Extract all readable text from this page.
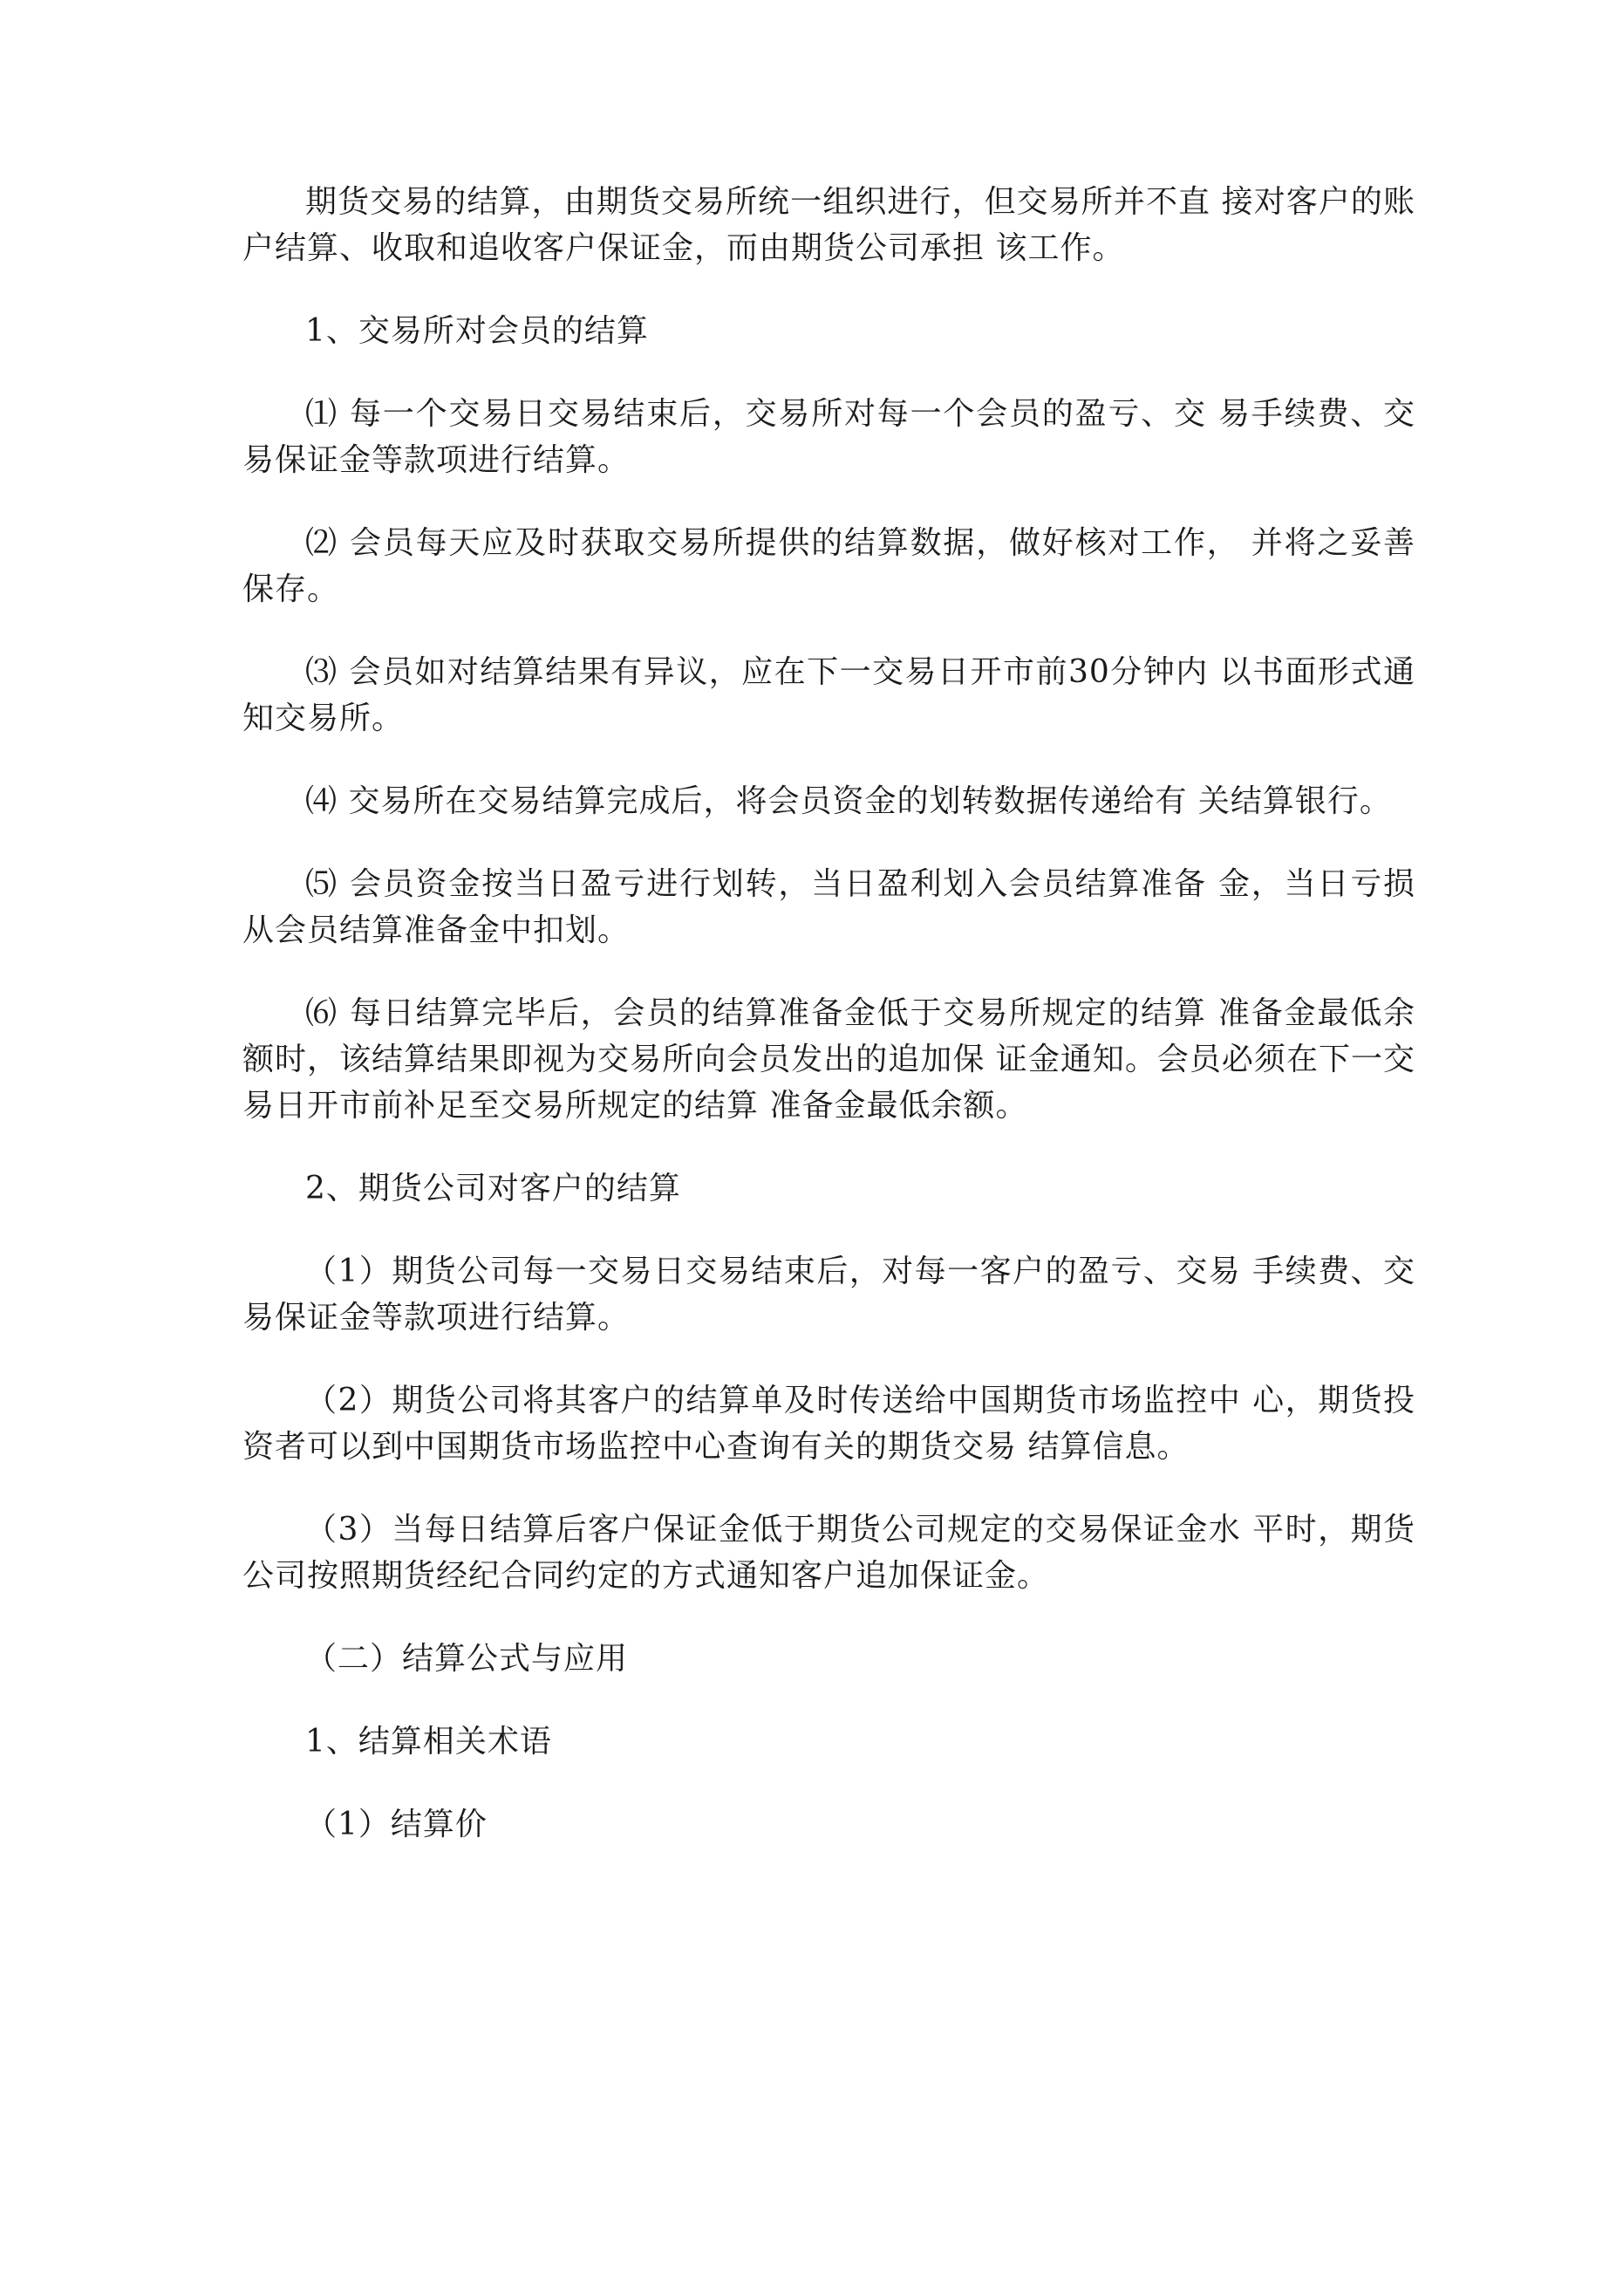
期货交易的结算，由期货交易所统一组织进行，但交易所并不直 接对客户的账户结算、收取和追收客户保证金，而由期货公司承担 该工作。

1、交易所对会员的结算

⑴ 每一个交易日交易结束后，交易所对每一个会员的盈亏、交 易手续费、交易保证金等款项进行结算。

⑵ 会员每天应及时获取交易所提供的结算数据，做好核对工作， 并将之妥善保存。

⑶ 会员如对结算结果有异议，应在下一交易日开市前30分钟内 以书面形式通知交易所。

⑷ 交易所在交易结算完成后，将会员资金的划转数据传递给有 关结算银行。

⑸ 会员资金按当日盈亏进行划转，当日盈利划入会员结算准备 金，当日亏损从会员结算准备金中扣划。

⑹ 每日结算完毕后，会员的结算准备金低于交易所规定的结算 准备金最低余额时，该结算结果即视为交易所向会员发出的追加保 证金通知。会员必须在下一交易日开市前补足至交易所规定的结算 准备金最低余额。

2、期货公司对客户的结算

（1）期货公司每一交易日交易结束后，对每一客户的盈亏、交易 手续费、交易保证金等款项进行结算。

（2）期货公司将其客户的结算单及时传送给中国期货市场监控中 心，期货投资者可以到中国期货市场监控中心查询有关的期货交易 结算信息。

（3）当每日结算后客户保证金低于期货公司规定的交易保证金水 平时，期货公司按照期货经纪合同约定的方式通知客户追加保证金。

（二）结算公式与应用

1、结算相关术语

（1）结算价
